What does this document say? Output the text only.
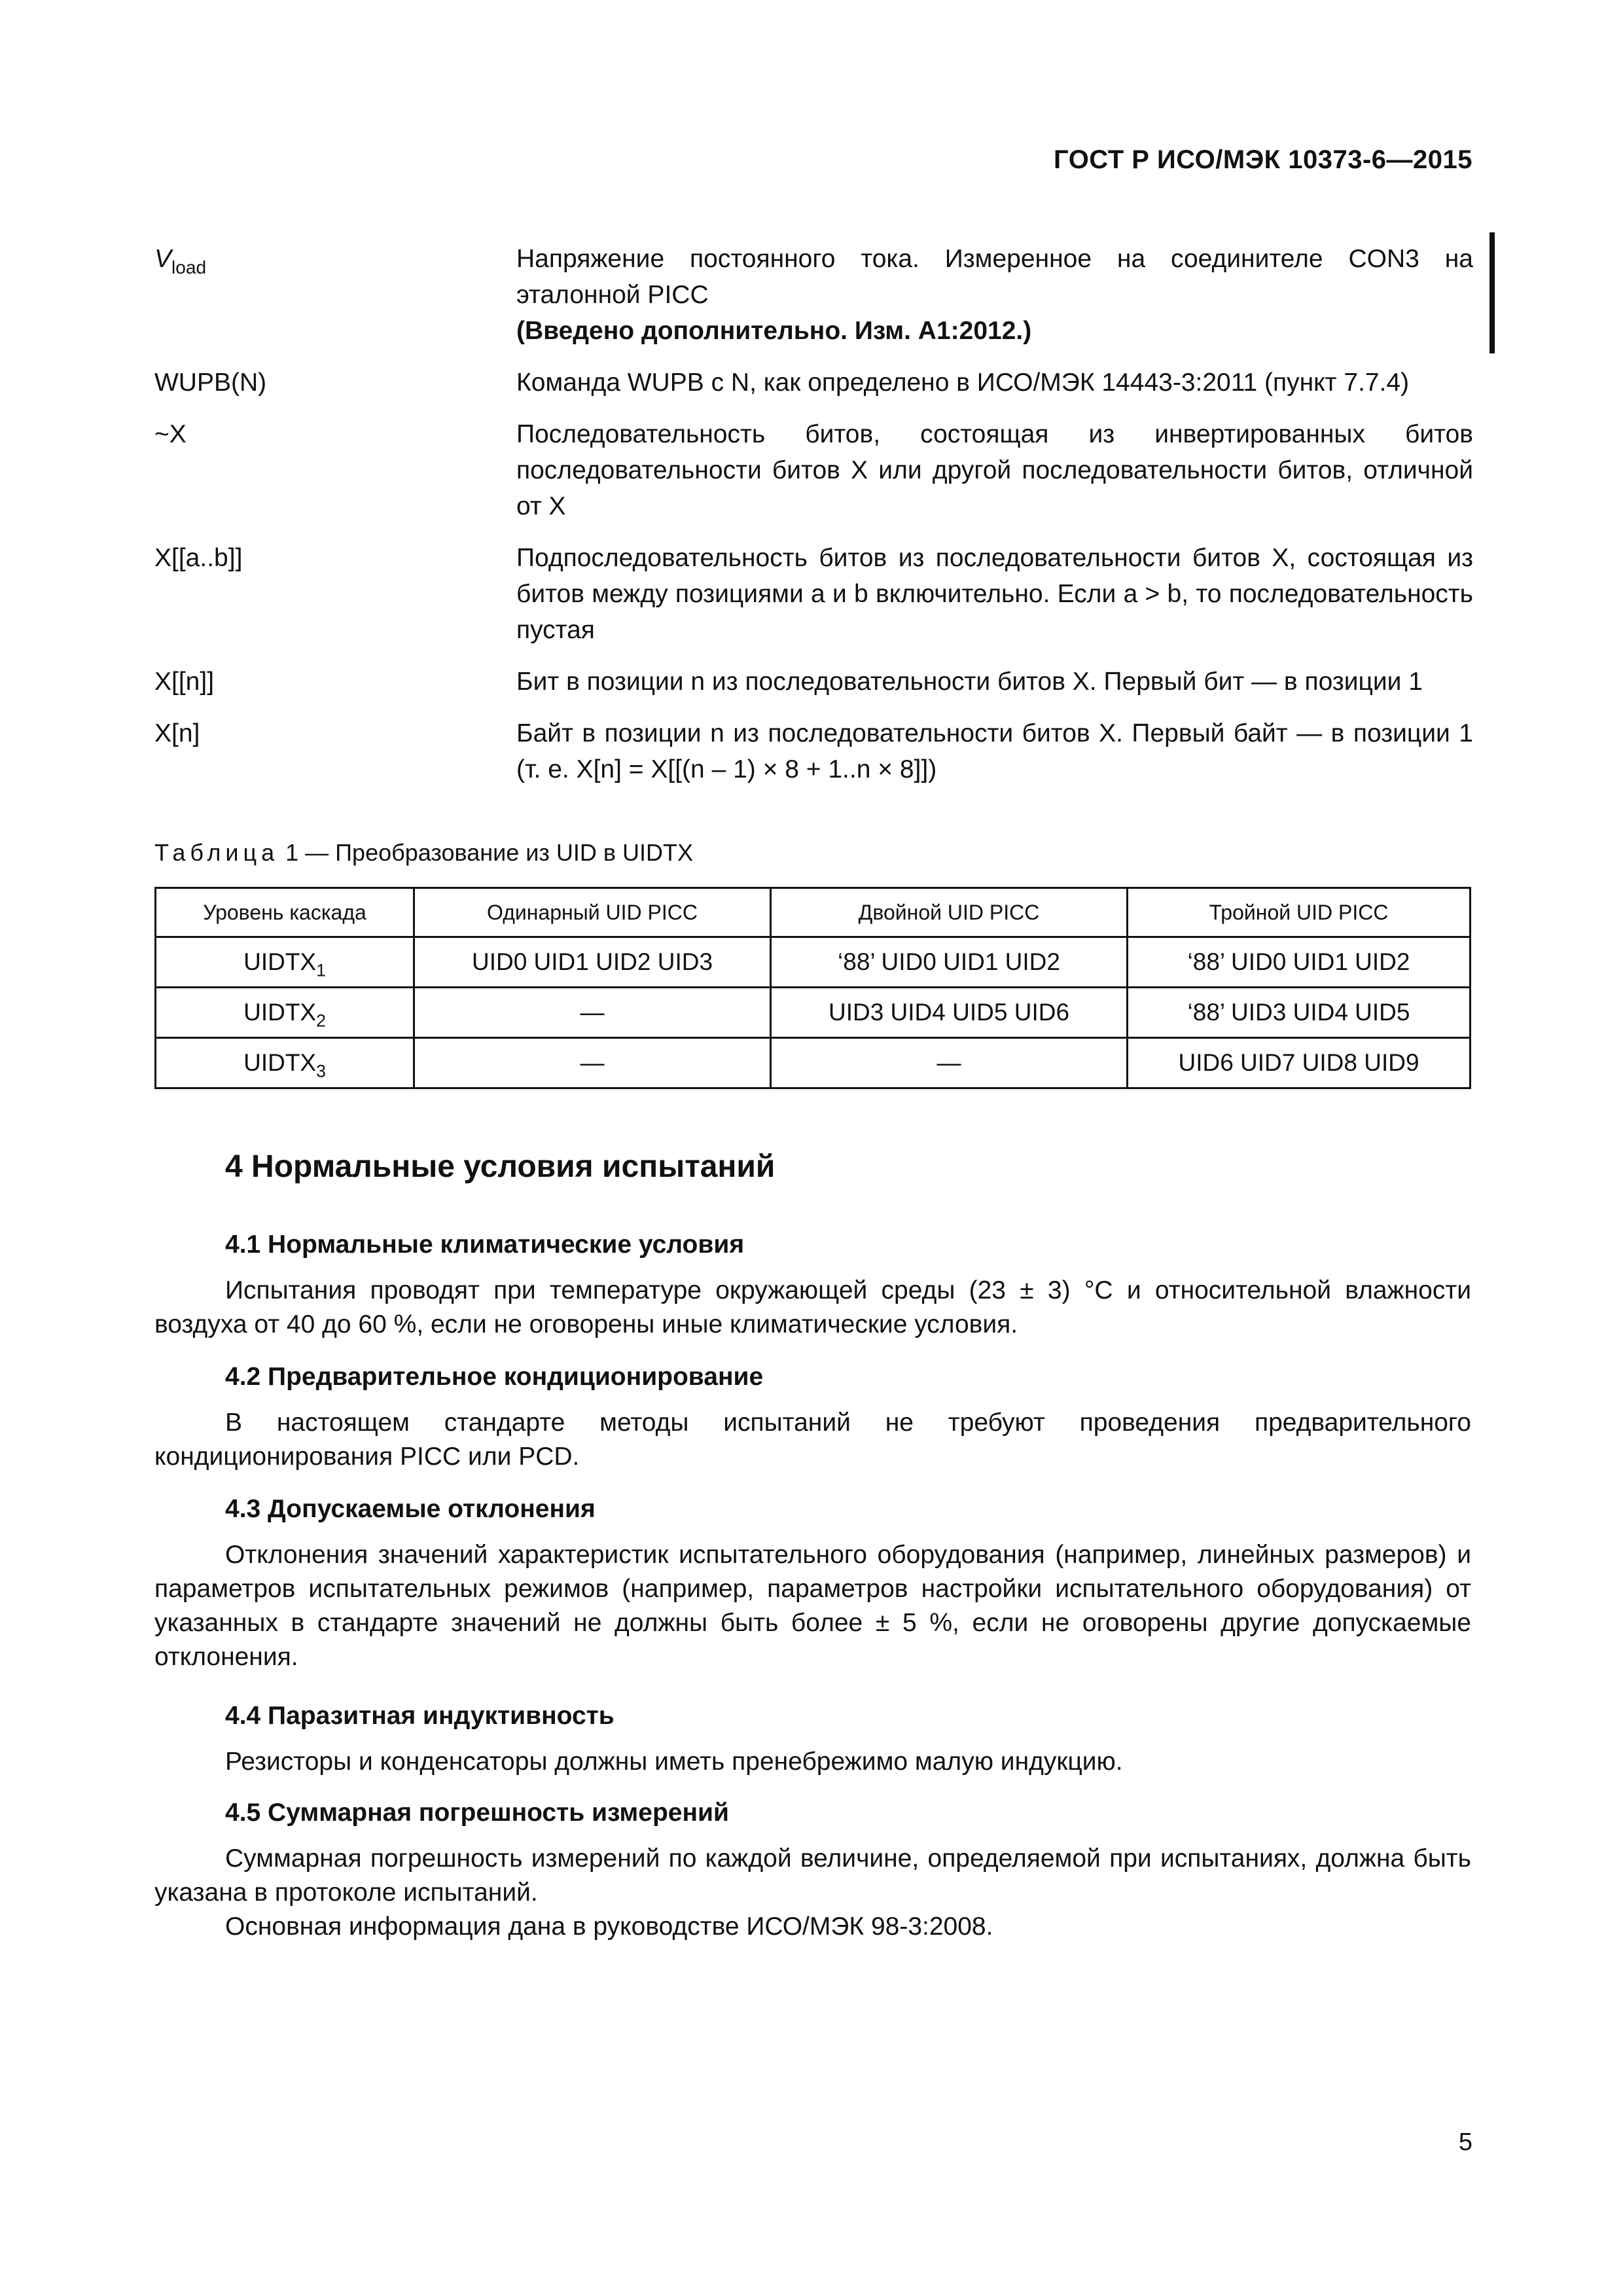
ГОСТ Р ИСО/МЭК 10373-6—2015
$V_{load}$	Напряжение постоянного тока. Измеренное на соединителе CON3 на эталонной PICC
(Введено дополнительно. Изм. А1:2012.)
WUPB(N)	Команда WUPB с N, как определено в ИСО/МЭК 14443-3:2011 (пункт 7.7.4)
~X	Последовательность битов, состоящая из инвертированных битов последовательности битов X или другой последовательности битов, отличной от X
X[[a..b]]	Подпоследовательность битов из последовательности битов X, состоящая из битов между позициями a и b включительно. Если a > b, то последовательность пустая
X[[n]]	Бит в позиции n из последовательности битов X. Первый бит — в позиции 1
X[n]	Байт в позиции n из последовательности битов X. Первый байт — в позиции 1 (т. е. X[n] = X[[(n – 1) × 8 + 1..n × 8]])
Таблица 1 — Преобразование из UID в UIDTX
Уровень каскада	Одинарный UID PICC	Двойной UID PICC	Тройной UID PICC
$UIDTX_1$	UID0 UID1 UID2 UID3	‘88’ UID0 UID1 UID2	‘88’ UID0 UID1 UID2
$UIDTX_2$	—	UID3 UID4 UID5 UID6	‘88’ UID3 UID4 UID5
$UIDTX_3$	—	—	UID6 UID7 UID8 UID9
4 Нормальные условия испытаний
4.1 Нормальные климатические условия

Испытания проводят при температуре окружающей среды (23 ± 3) °С и относительной влажности воздуха от 40 до 60 %, если не оговорены иные климатические условия.

4.2 Предварительное кондиционирование

В настоящем стандарте методы испытаний не требуют проведения предварительного кондиционирования PICC или PCD.

4.3 Допускаемые отклонения

Отклонения значений характеристик испытательного оборудования (например, линейных размеров) и параметров испытательных режимов (например, параметров настройки испытательного оборудования) от указанных в стандарте значений не должны быть более ± 5 %, если не оговорены другие допускаемые отклонения.

4.4 Паразитная индуктивность

Резисторы и конденсаторы должны иметь пренебрежимо малую индукцию.

4.5 Суммарная погрешность измерений

Суммарная погрешность измерений по каждой величине, определяемой при испытаниях, должна быть указана в протоколе испытаний.

Основная информация дана в руководстве ИСО/МЭК 98-3:2008.

5
